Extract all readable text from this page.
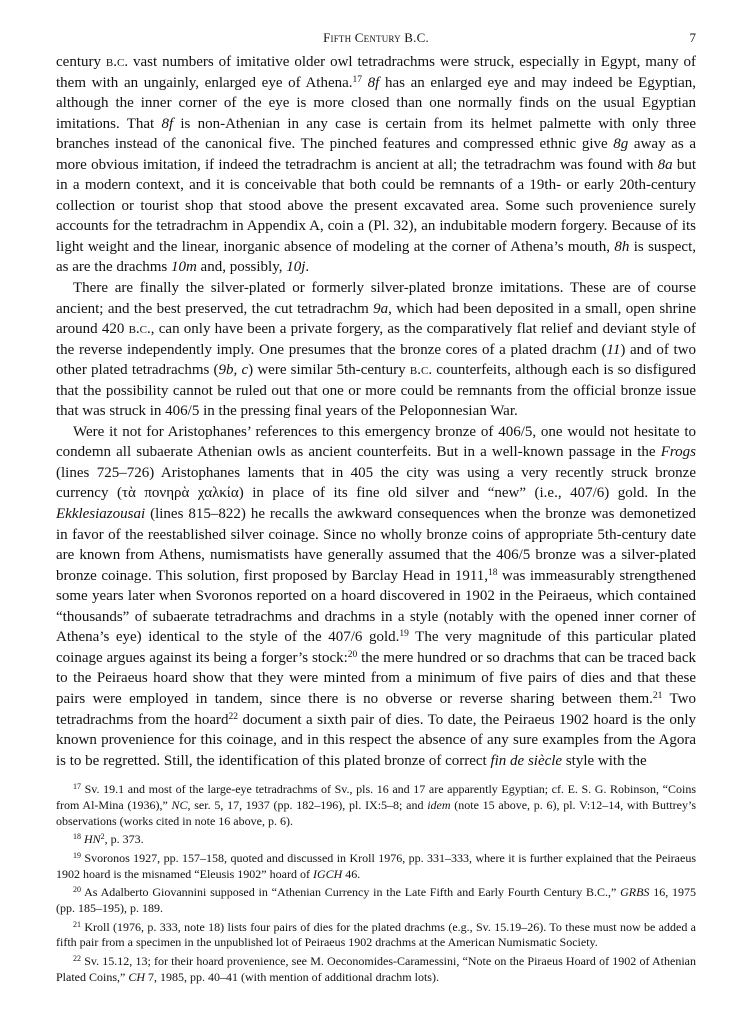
Fifth Century B.C.	7

century b.c. vast numbers of imitative older owl tetradrachms were struck, especially in Egypt, many of them with an ungainly, enlarged eye of Athena.$^{17}$ 8f has an enlarged eye and may indeed be Egyptian, although the inner corner of the eye is more closed than one normally finds on the usual Egyptian imitations. That 8f is non-Athenian in any case is certain from its helmet palmette with only three branches instead of the canonical five. The pinched features and compressed ethnic give 8g away as a more obvious imitation, if indeed the tetradrachm is ancient at all; the tetradrachm was found with 8a but in a modern context, and it is conceivable that both could be remnants of a 19th- or early 20th-century collection or tourist shop that stood above the present excavated area. Some such provenience surely accounts for the tetradrachm in Appendix A, coin a (Pl. 32), an indubitable modern forgery. Because of its light weight and the linear, inorganic absence of modeling at the corner of Athena’s mouth, 8h is suspect, as are the drachms 10m and, possibly, 10j.

There are finally the silver-plated or formerly silver-plated bronze imitations. These are of course ancient; and the best preserved, the cut tetradrachm 9a, which had been deposited in a small, open shrine around 420 b.c., can only have been a private forgery, as the comparatively flat relief and deviant style of the reverse independently imply. One presumes that the bronze cores of a plated drachm (11) and of two other plated tetradrachms (9b, c) were similar 5th-century b.c. counterfeits, although each is so disfigured that the possibility cannot be ruled out that one or more could be remnants from the official bronze issue that was struck in 406/5 in the pressing final years of the Peloponnesian War.

Were it not for Aristophanes’ references to this emergency bronze of 406/5, one would not hesitate to condemn all subaerate Athenian owls as ancient counterfeits. But in a well-known passage in the Frogs (lines 725–726) Aristophanes laments that in 405 the city was using a very recently struck bronze currency (τὰ πονηρὰ χαλκία) in place of its fine old silver and “new” (i.e., 407/6) gold. In the Ekklesiazousai (lines 815–822) he recalls the awkward consequences when the bronze was demonetized in favor of the reestablished silver coinage. Since no wholly bronze coins of appropriate 5th-century date are known from Athens, numismatists have generally assumed that the 406/5 bronze was a silver-plated bronze coinage. This solution, first proposed by Barclay Head in 1911,18 was immeasurably strengthened some years later when Svoronos reported on a hoard discovered in 1902 in the Peiraeus, which contained “thousands” of subaerate tetradrachms and drachms in a style (notably with the opened inner corner of Athena’s eye) identical to the style of the 407/6 gold.$^{19}$ The very magnitude of this particular plated coinage argues against its being a forger’s stock:$^{20}$ the mere hundred or so drachms that can be traced back to the Peiraeus hoard show that they were minted from a minimum of five pairs of dies and that these pairs were employed in tandem, since there is no obverse or reverse sharing between them.$^{21}$ Two tetradrachms from the hoard$^{22}$ document a sixth pair of dies. To date, the Peiraeus 1902 hoard is the only known provenience for this coinage, and in this respect the absence of any sure examples from the Agora is to be regretted. Still, the identification of this plated bronze of correct fin de siècle style with the

$^{17}$ Sv. 19.1 and most of the large-eye tetradrachms of Sv., pls. 16 and 17 are apparently Egyptian; cf. E. S. G. Robinson, “Coins from Al-Mina (1936),” NC, ser. 5, 17, 1937 (pp. 182–196), pl. IX:5–8; and idem (note 15 above, p. 6), pl. V:12–14, with Buttrey’s observations (works cited in note 16 above, p. 6).

$^{18}$ $HN^2$, p. 373.

$^{19}$ Svoronos 1927, pp. 157–158, quoted and discussed in Kroll 1976, pp. 331–333, where it is further explained that the Peiraeus 1902 hoard is the misnamed “Eleusis 1902” hoard of IGCH 46.

$^{20}$ As Adalberto Giovannini supposed in “Athenian Currency in the Late Fifth and Early Fourth Century B.C.,” GRBS 16, 1975 (pp. 185–195), p. 189.

$^{21}$ Kroll (1976, p. 333, note 18) lists four pairs of dies for the plated drachms (e.g., Sv. 15.19–26). To these must now be added a fifth pair from a specimen in the unpublished lot of Peiraeus 1902 drachms at the American Numismatic Society.

$^{22}$ Sv. 15.12, 13; for their hoard provenience, see M. Oeconomides-Caramessini, “Note on the Piraeus Hoard of 1902 of Athenian Plated Coins,” CH 7, 1985, pp. 40–41 (with mention of additional drachm lots).
